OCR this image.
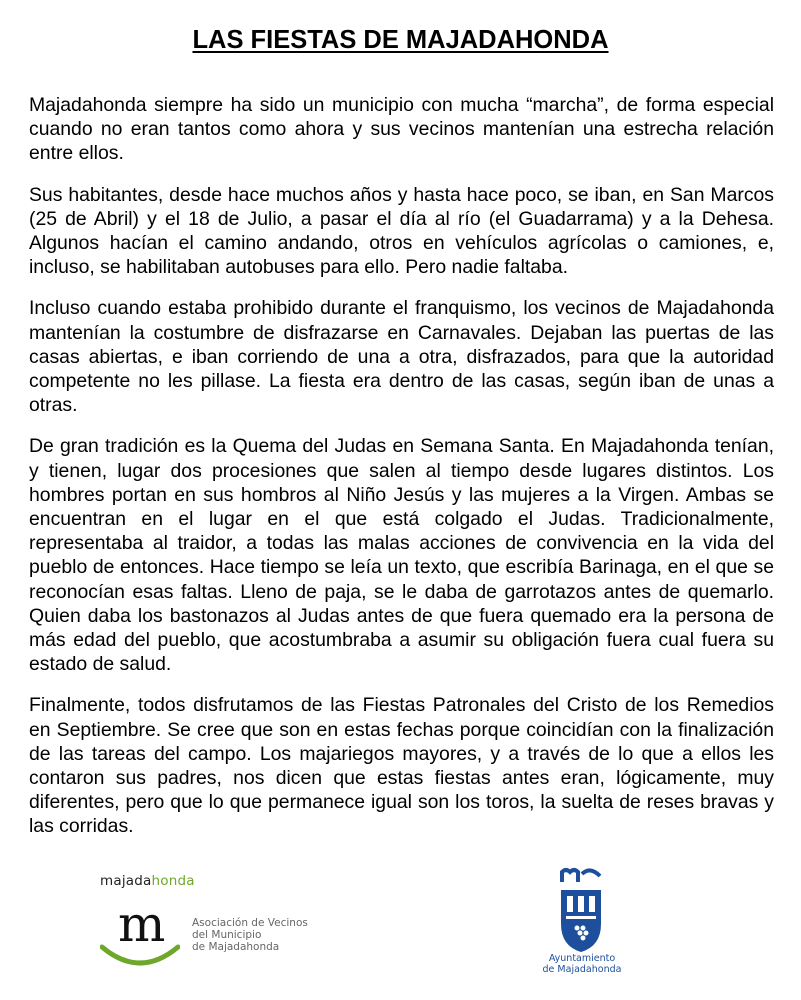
LAS FIESTAS DE MAJADAHONDA

Majadahonda siempre ha sido un municipio con mucha “marcha”, de forma especial cuando no eran tantos como ahora y sus vecinos mantenían una estrecha relación entre ellos.

Sus habitantes, desde hace muchos años y hasta hace poco, se iban, en San Marcos (25 de Abril) y el 18 de Julio, a pasar el día al río (el Guadarrama) y a la Dehesa. Algunos hacían el camino andando, otros en vehículos agrícolas o camiones, e, incluso, se habilitaban autobuses para ello. Pero nadie faltaba.

Incluso cuando estaba prohibido durante el franquismo, los vecinos de Majadahonda mantenían la costumbre de disfrazarse en Carnavales. Dejaban las puertas de las casas abiertas, e iban corriendo de una a otra, disfrazados, para que la autoridad competente no les pillase. La fiesta era dentro de las casas, según iban de unas a otras.

De gran tradición es la Quema del Judas en Semana Santa. En Majadahonda tenían, y tienen, lugar dos procesiones que salen al tiempo desde lugares distintos. Los hombres portan en sus hombros al Niño Jesús y las mujeres a la Virgen. Ambas se encuentran en el lugar en el que está colgado el Judas. Tradicionalmente, representaba al traidor, a todas las malas acciones de convivencia en la vida del pueblo de entonces. Hace tiempo se leía un texto, que escribía Barinaga, en el que se reconocían esas faltas. Lleno de paja, se le daba de garrotazos antes de quemarlo. Quien daba los bastonazos al Judas antes de que fuera quemado era la persona de más edad del pueblo, que acostumbraba a asumir su obligación fuera cual fuera su estado de salud.

Finalmente, todos disfrutamos de las Fiestas Patronales del Cristo de los Remedios en Septiembre. Se cree que son en estas fechas porque coincidían con la finalización de las tareas del campo. Los majariegos mayores, y a través de lo que a ellos les contaron sus padres, nos dicen que estas fiestas antes eran, lógicamente, muy diferentes, pero que lo que permanece igual son los toros, la suelta de reses bravas y las corridas.

majadahonda

m	Asociación de Vecinos
del Municipio
de Majadahonda

Ayuntamiento
de Majadahonda
